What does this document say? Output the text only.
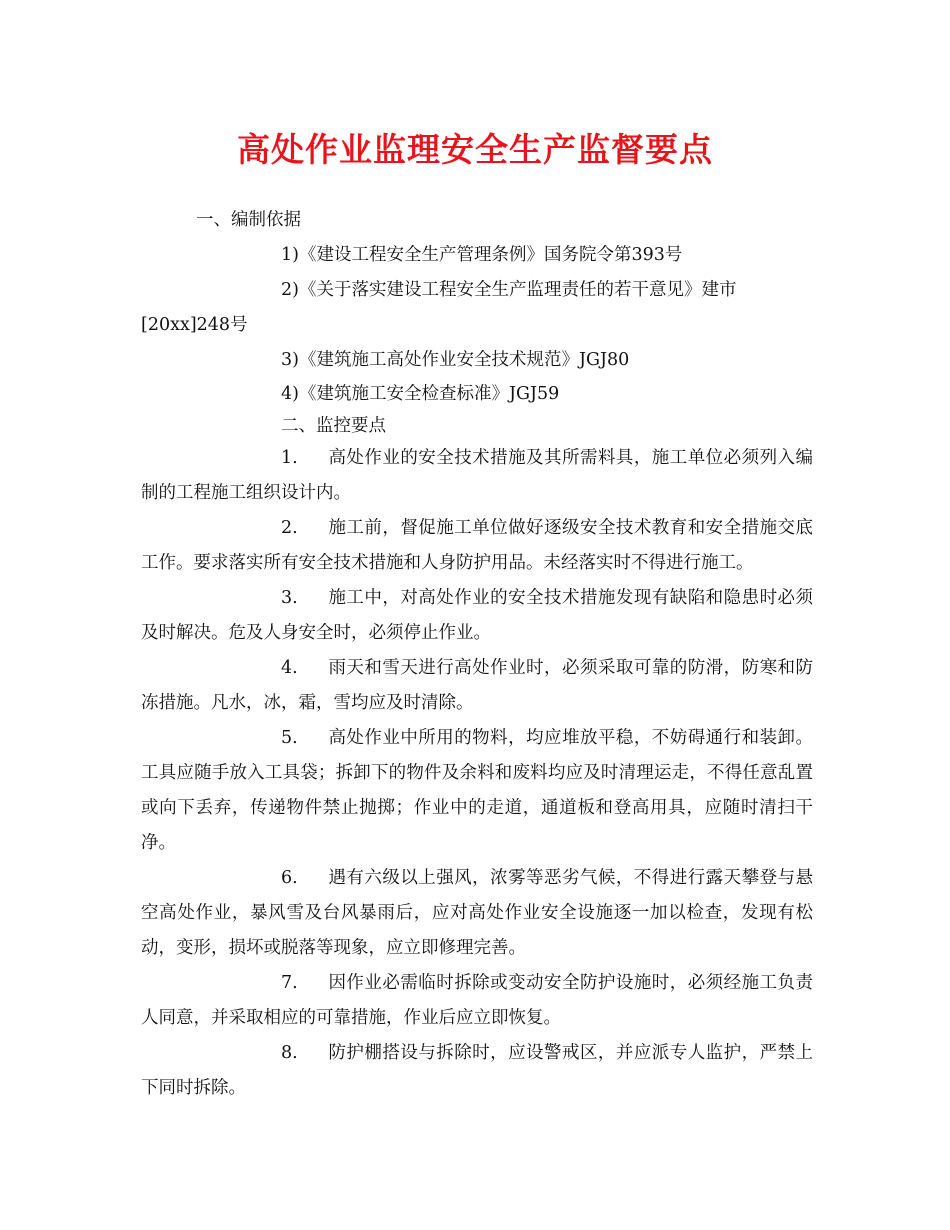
高处作业监理安全生产监督要点
一、编制依据
1)《建设工程安全生产管理条例》国务院令第393号
2)《关于落实建设工程安全生产监理责任的若干意见》建市
[20xx]248号
3)《建筑施工高处作业安全技术规范》JGJ80
4)《建筑施工安全检查标准》JGJ59
二、监控要点
1. 高处作业的安全技术措施及其所需料具，施工单位必须列入编制的工程施工组织设计内。
2. 施工前，督促施工单位做好逐级安全技术教育和安全措施交底工作。要求落实所有安全技术措施和人身防护用品。未经落实时不得进行施工。
3. 施工中，对高处作业的安全技术措施发现有缺陷和隐患时必须及时解决。危及人身安全时，必须停止作业。
4. 雨天和雪天进行高处作业时，必须采取可靠的防滑，防寒和防冻措施。凡水，冰，霜，雪均应及时清除。
5. 高处作业中所用的物料，均应堆放平稳，不妨碍通行和装卸。工具应随手放入工具袋；拆卸下的物件及余料和废料均应及时清理运走，不得任意乱置或向下丢弃，传递物件禁止抛掷；作业中的走道，通道板和登高用具，应随时清扫干净。
6. 遇有六级以上强风，浓雾等恶劣气候，不得进行露天攀登与悬空高处作业，暴风雪及台风暴雨后，应对高处作业安全设施逐一加以检查，发现有松动，变形，损坏或脱落等现象，应立即修理完善。
7. 因作业必需临时拆除或变动安全防护设施时，必须经施工负责人同意，并采取相应的可靠措施，作业后应立即恢复。
8. 防护棚搭设与拆除时，应设警戒区，并应派专人监护，严禁上下同时拆除。
